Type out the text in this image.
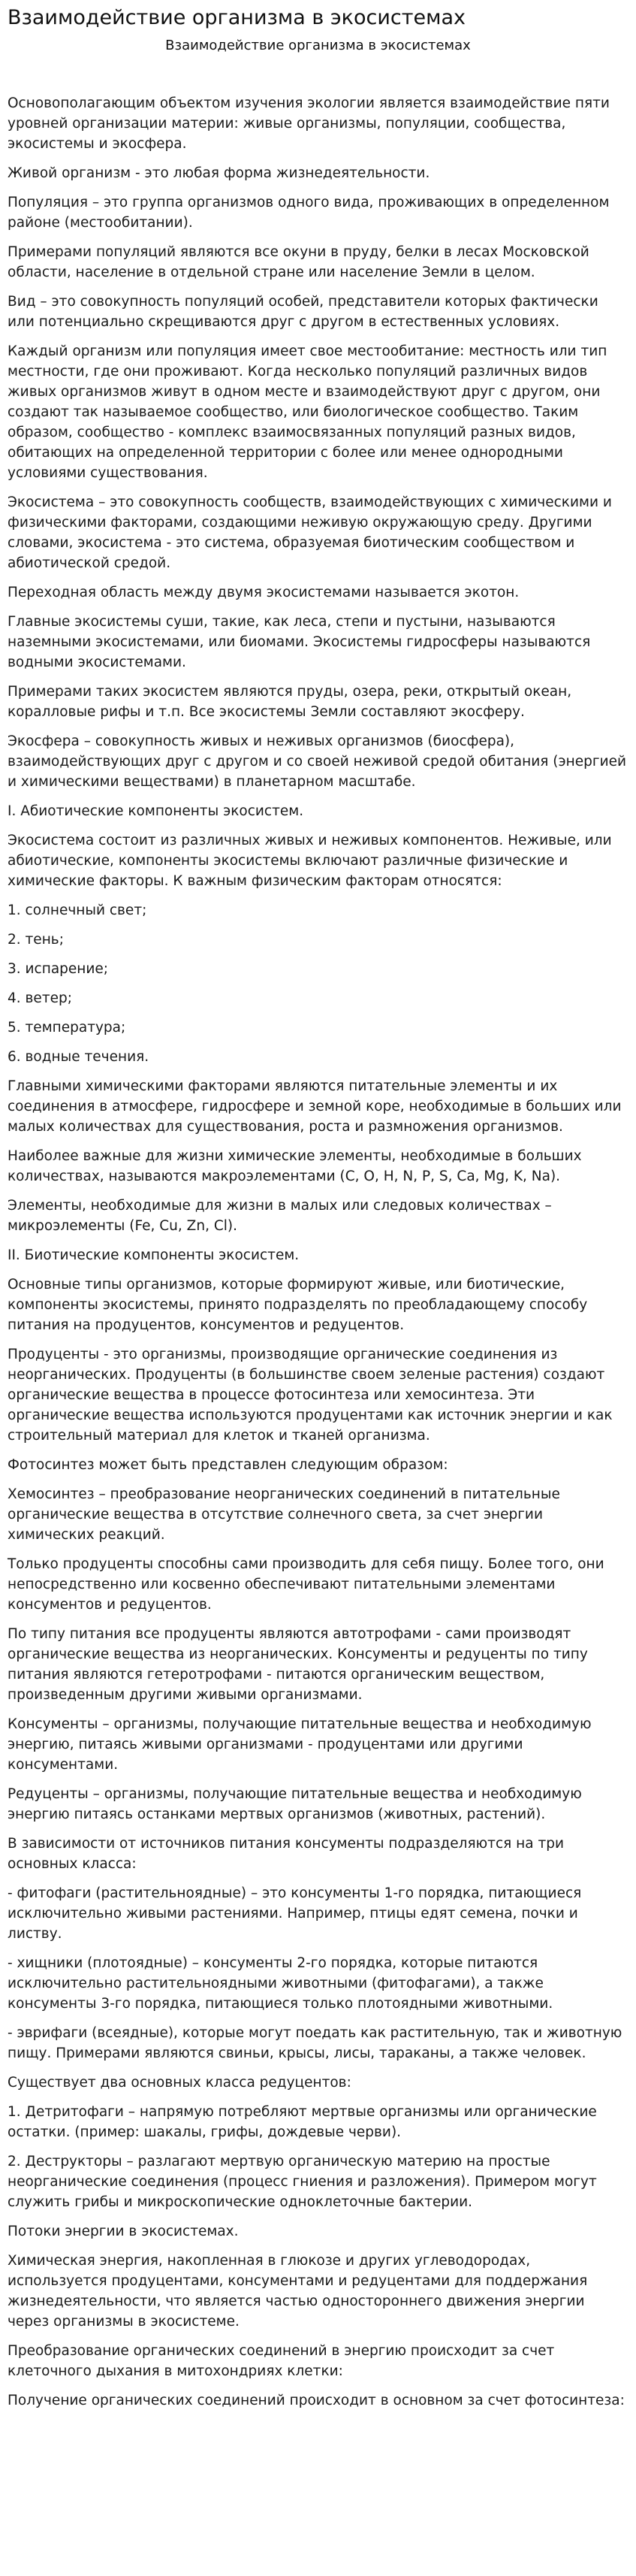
Взаимодействие организма в экосистемах
Взаимодействие организма в экосистемах

Основополагающим объектом изучения экологии является взаимодействие пяти уровней организации материи: живые организмы, популяции, сообщества, экосистемы и экосфера.

Живой организм - это любая форма жизнедеятельности.

Популяция – это группа организмов одного вида, проживающих в определенном районе (местообитании).

Примерами популяций являются все окуни в пруду, белки в лесах Московской области, население в отдельной стране или население Земли в целом.

Вид – это совокупность популяций особей, представители которых фактически или потенциально скрещиваются друг с другом в естественных условиях.

Каждый организм или популяция имеет свое местообитание: местность или тип местности, где они проживают. Когда несколько популяций различных видов живых организмов живут в одном месте и взаимодействуют друг с другом, они создают так называемое сообщество, или биологическое сообщество. Таким образом, сообщество - комплекс взаимосвязанных популяций разных видов, обитающих на определенной территории с более или менее однородными условиями существования.

Экосистема – это совокупность сообществ, взаимодействующих с химическими и физическими факторами, создающими неживую окружающую среду. Другими словами, экосистема - это система, образуемая биотическим сообществом и абиотической средой.

Переходная область между двумя экосистемами называется экотон.

Главные экосистемы суши, такие, как леса, степи и пустыни, называются наземными экосистемами, или биомами. Экосистемы гидросферы называются водными экосистемами.

Примерами таких экосистем являются пруды, озера, реки, открытый океан, коралловые рифы и т.п. Все экосистемы Земли составляют экосферу.

Экосфера – совокупность живых и неживых организмов (биосфера), взаимодействующих друг с другом и со своей неживой средой обитания (энергией и химическими веществами) в планетарном масштабе.

I. Абиотические компоненты экосистем.

Экосистема состоит из различных живых и неживых компонентов. Неживые, или абиотические, компоненты экосистемы включают различные физические и химические факторы. К важным физическим факторам относятся:

1. солнечный свет;

2. тень;

3. испарение;

4. ветер;

5. температура;

6. водные течения.

Главными химическими факторами являются питательные элементы и их соединения в атмосфере, гидросфере и земной коре, необходимые в больших или малых количествах для существования, роста и размножения организмов.

Наиболее важные для жизни химические элементы, необходимые в больших количествах, называются макроэлементами (C, O, H, N, P, S, Ca, Mg, K, Na).

Элементы, необходимые для жизни в малых или следовых количествах – микроэлементы (Fe, Cu, Zn, Cl).

II. Биотические компоненты экосистем.

Основные типы организмов, которые формируют живые, или биотические, компоненты экосистемы, принято подразделять по преобладающему способу питания на продуцентов, консументов и редуцентов.

Продуценты - это организмы, производящие органические соединения из неорганических. Продуценты (в большинстве своем зеленые растения) создают органические вещества в процессе фотосинтеза или хемосинтеза. Эти органические вещества используются продуцентами как источник энергии и как строительный материал для клеток и тканей организма.

Фотосинтез может быть представлен следующим образом:

Хемосинтез – преобразование неорганических соединений в питательные органические вещества в отсутствие солнечного света, за счет энергии химических реакций.

Только продуценты способны сами производить для себя пищу. Более того, они непосредственно или косвенно обеспечивают питательными элементами консументов и редуцентов.

По типу питания все продуценты являются автотрофами - сами производят органические вещества из неорганических. Консументы и редуценты по типу питания являются гетеротрофами - питаются органическим веществом, произведенным другими живыми организмами.

Консументы – организмы, получающие питательные вещества и необходимую энергию, питаясь живыми организмами - продуцентами или другими консументами.

Редуценты – организмы, получающие питательные вещества и необходимую энергию питаясь останками мертвых организмов (животных, растений).

В зависимости от источников питания консументы подразделяются на три основных класса:

- фитофаги (растительноядные) – это консументы 1-го порядка, питающиеся исключительно живыми растениями. Например, птицы едят семена, почки и листву.

- хищники (плотоядные) – консументы 2-го порядка, которые питаются исключительно растительноядными животными (фитофагами), а также консументы 3-го порядка, питающиеся только плотоядными животными.

- эврифаги (всеядные), которые могут поедать как растительную, так и животную пищу. Примерами являются свиньи, крысы, лисы, тараканы, а также человек.

Существует два основных класса редуцентов:

1. Детритофаги – напрямую потребляют мертвые организмы или органические остатки. (пример: шакалы, грифы, дождевые черви).

2. Деструкторы – разлагают мертвую органическую материю на простые неорганические соединения (процесс гниения и разложения). Примером могут служить грибы и микроскопические одноклеточные бактерии.

Потоки энергии в экосистемах.

Химическая энергия, накопленная в глюкозе и других углеводородах, используется продуцентами, консументами и редуцентами для поддержания жизнедеятельности, что является частью одностороннего движения энергии через организмы в экосистеме.

Преобразование органических соединений в энергию происходит за счет клеточного дыхания в митохондриях клетки:

Получение органических соединений происходит в основном за счет фотосинтеза:
